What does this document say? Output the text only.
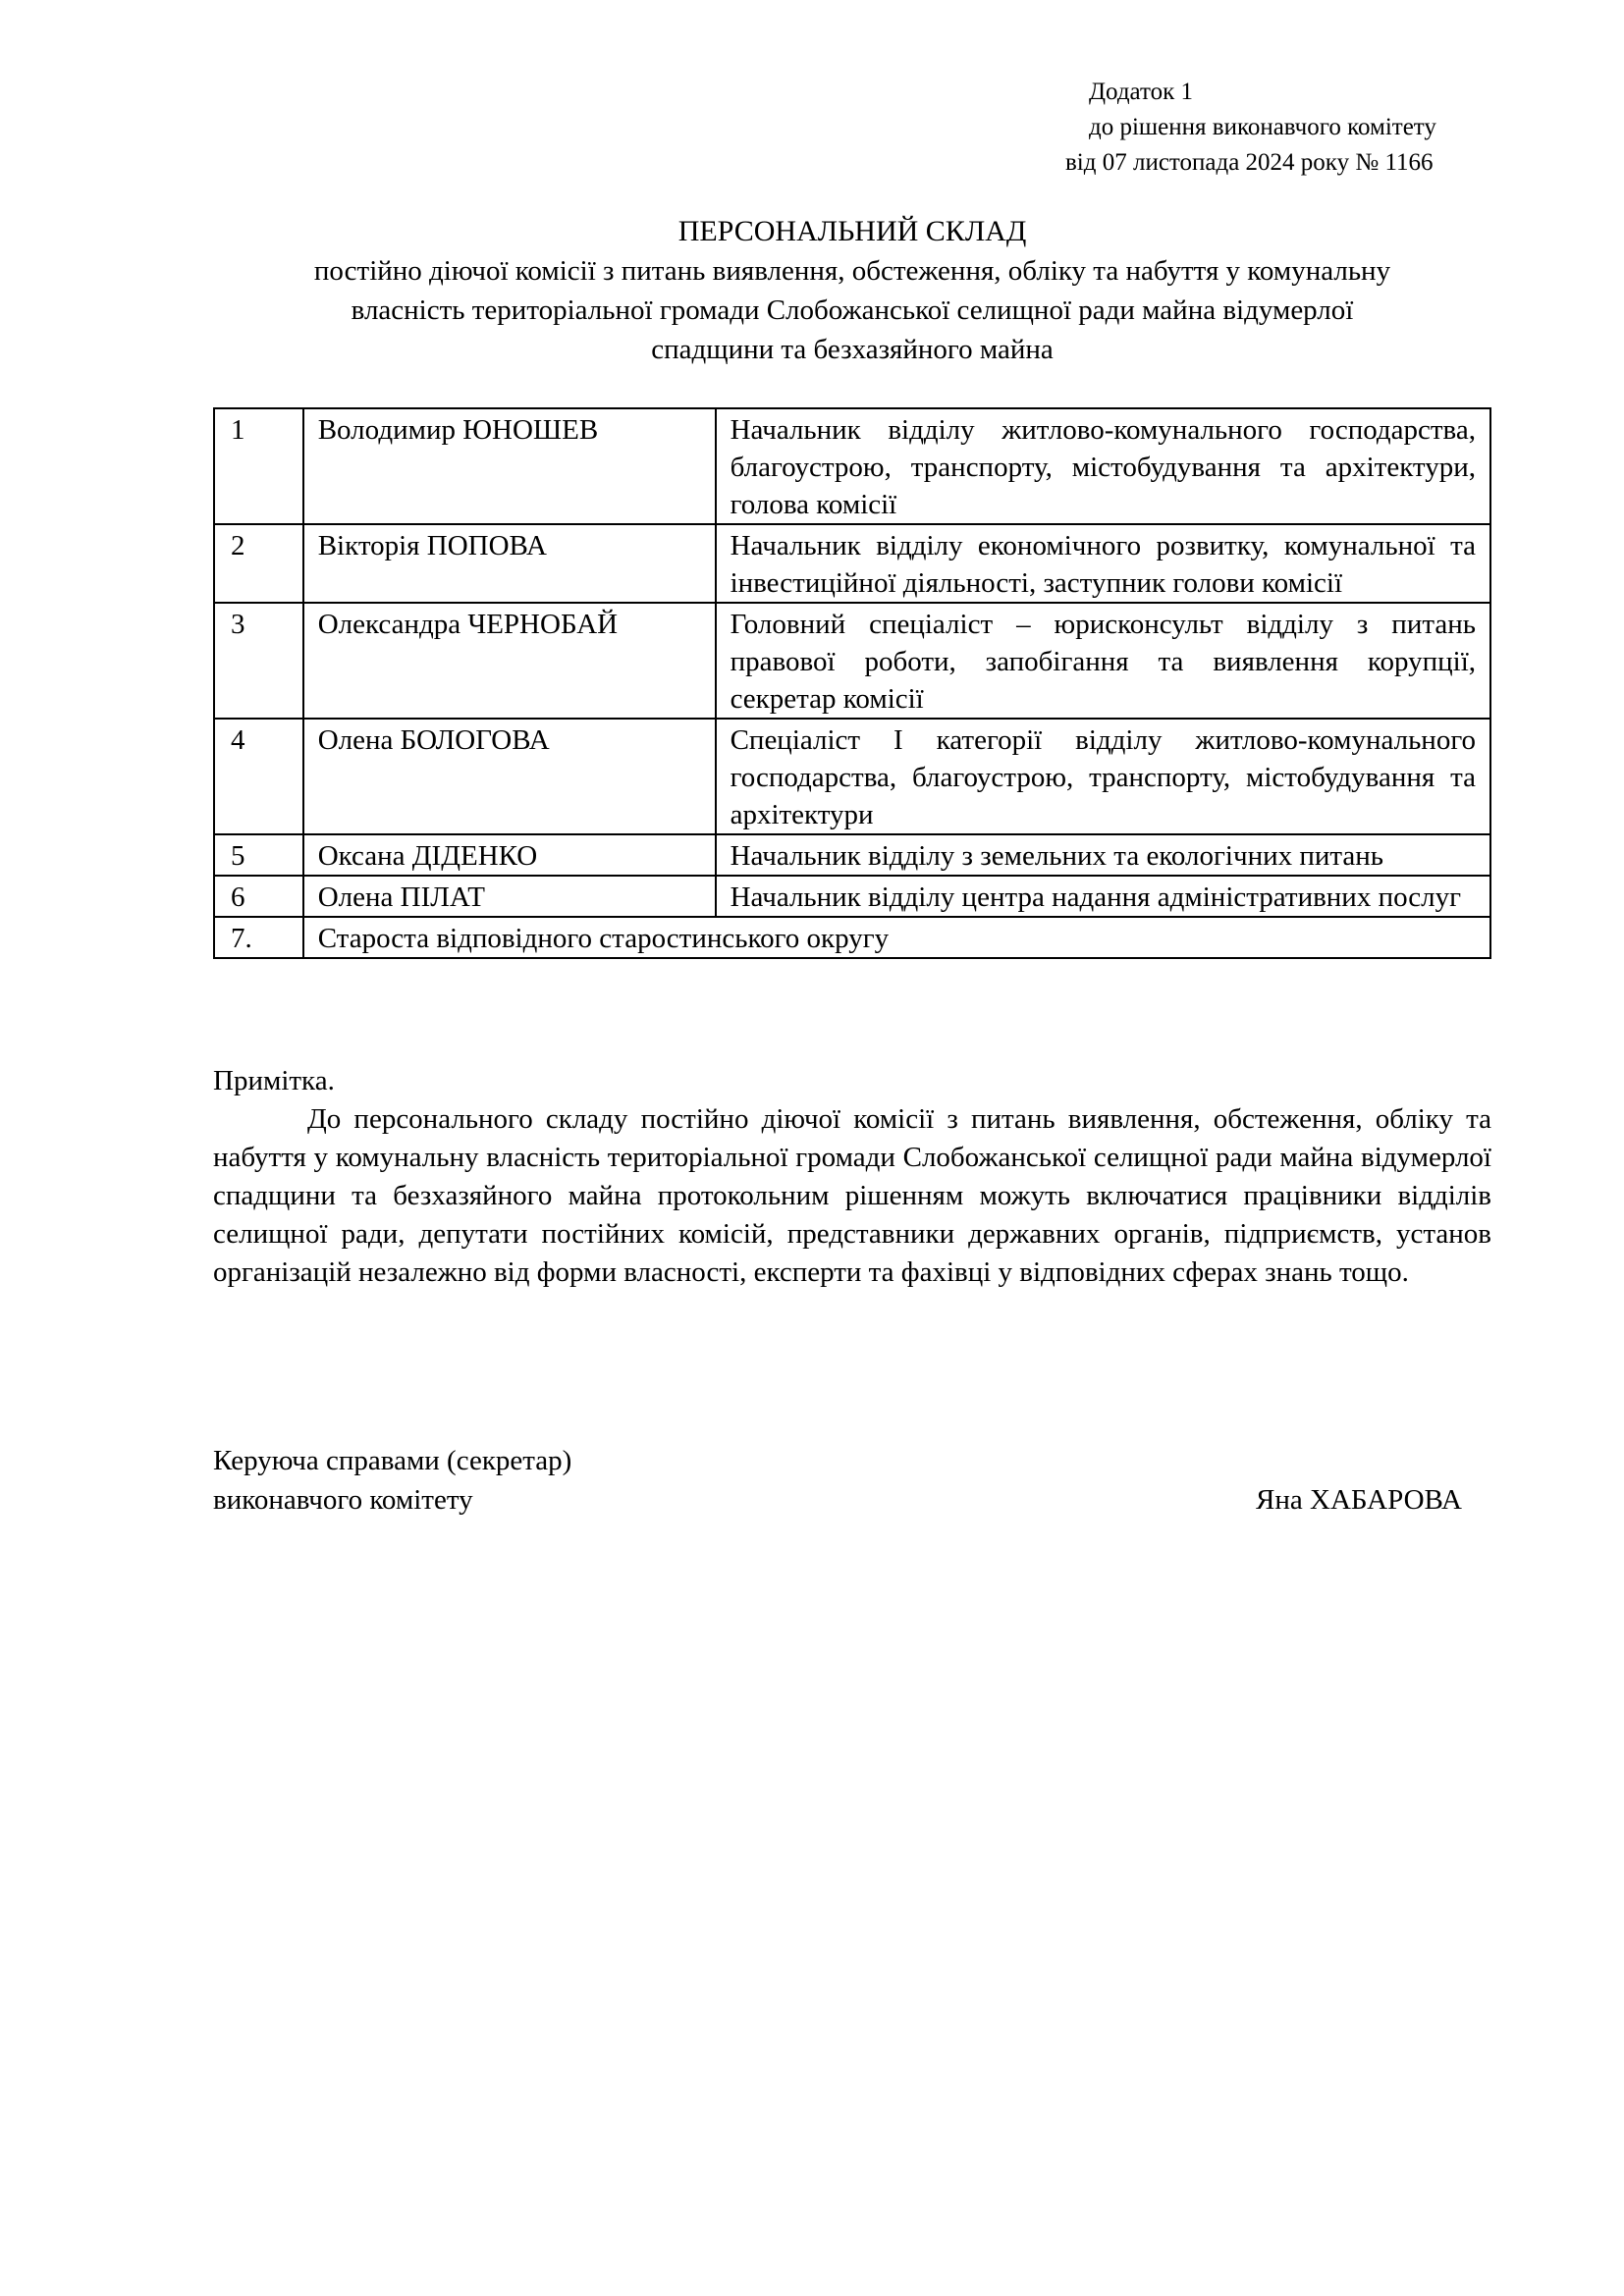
Додаток 1
до рішення виконавчого комітету
від 07 листопада 2024 року № 1166
ПЕРСОНАЛЬНИЙ СКЛАД
постійно діючої комісії з питань виявлення, обстеження, обліку та набуття у комунальну
власність територіальної громади Слобожанської селищної ради майна відумерлої
спадщини та безхазяйного майна
1	Володимир ЮНОШЕВ	Начальник відділу житлово-комунального господарства, благоустрою, транспорту, містобудування та архітектури, голова комісії
2	Вікторія ПОПОВА	Начальник відділу економічного розвитку, комунальної та інвестиційної діяльності, заступник голови комісії
3	Олександра ЧЕРНОБАЙ	Головний спеціаліст – юрисконсульт відділу з питань правової роботи, запобігання та виявлення корупції, секретар комісії
4	Олена БОЛОГОВА	Спеціаліст І категорії відділу житлово-комунального господарства, благоустрою, транспорту, містобудування та архітектури
5	Оксана ДІДЕНКО	Начальник відділу з земельних та екологічних питань
6	Олена ПІЛАТ	Начальник відділу центра надання адміністративних послуг
7.	Староста відповідного старостинського округу	

Примітка.

До персонального складу постійно діючої комісії з питань виявлення, обстеження, обліку та набуття у комунальну власність територіальної громади Слобожанської селищної ради майна відумерлої спадщини та безхазяйного майна протокольним рішенням можуть включатися працівники відділів селищної ради, депутати постійних комісій, представники державних органів, підприємств, установ організацій незалежно від форми власності, експерти та фахівці у відповідних сферах знань тощо.

Керуюча справами (секретар)
виконавчого комітету	Яна ХАБАРОВА
